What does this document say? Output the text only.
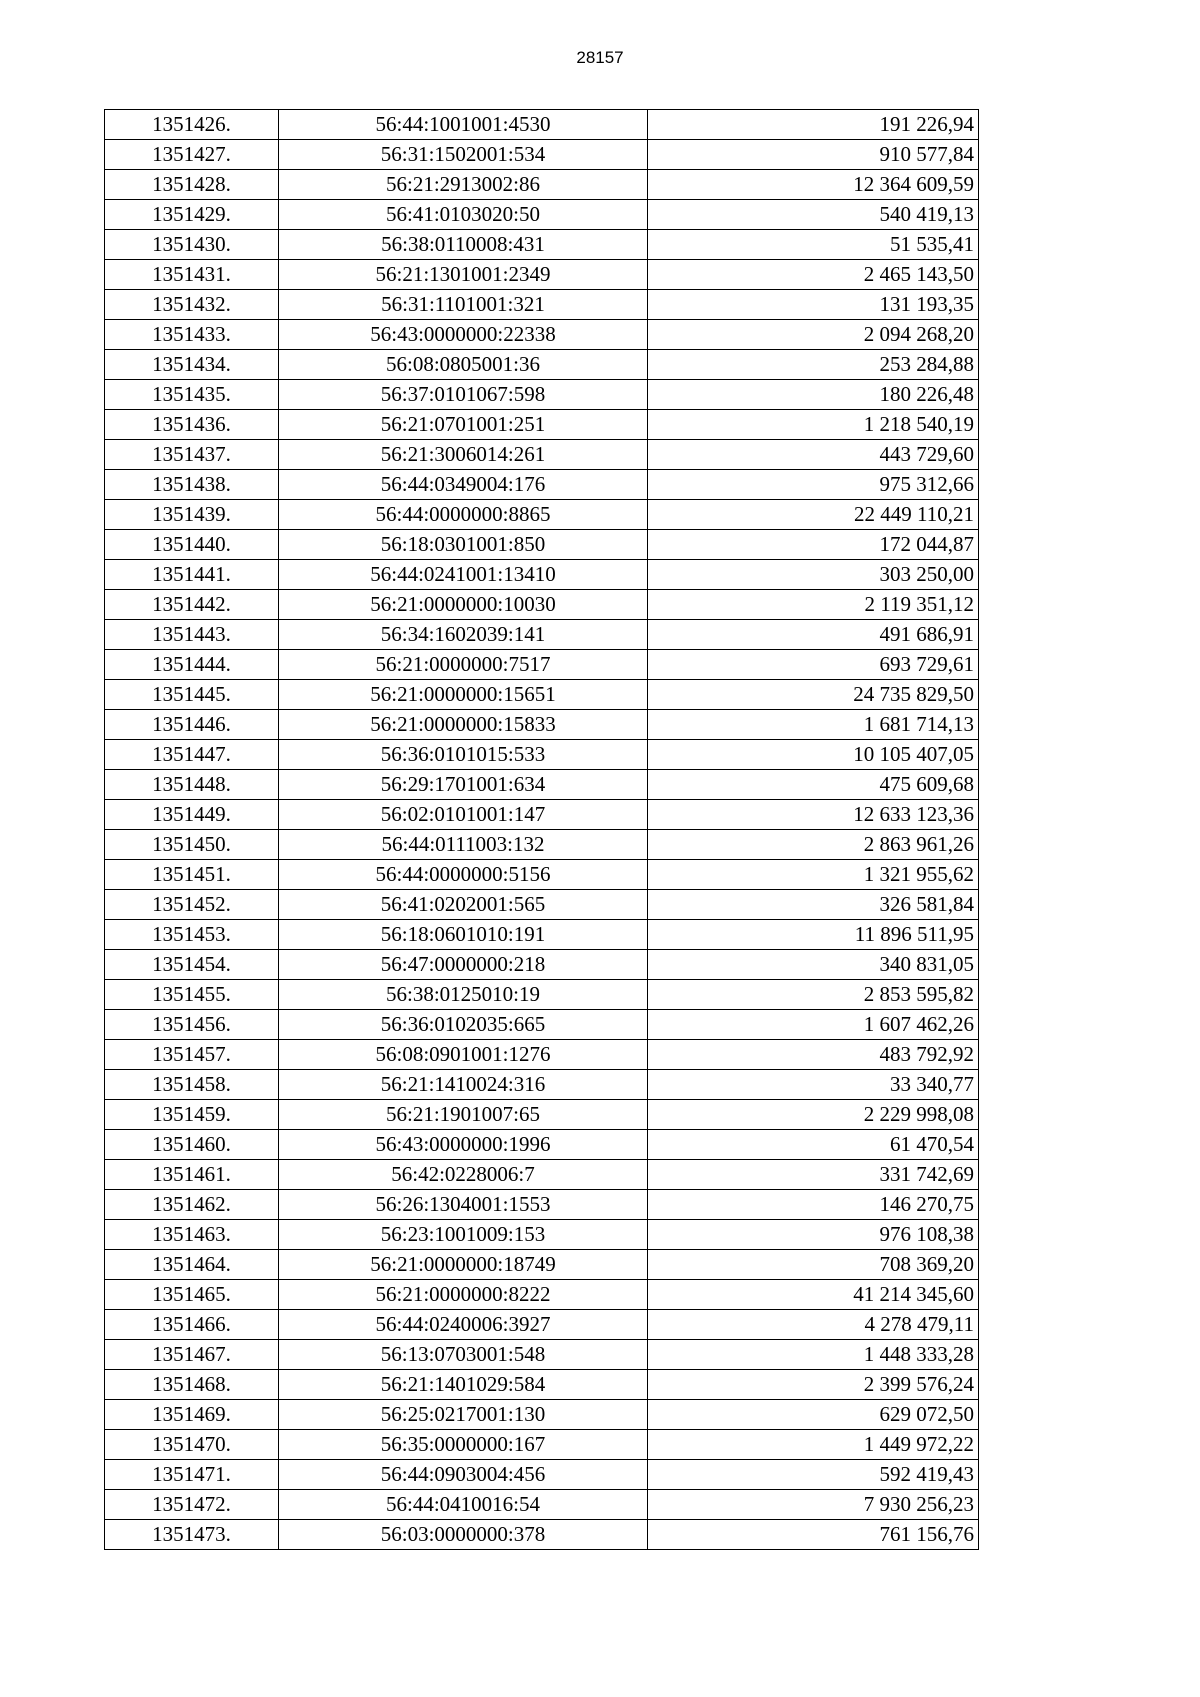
28157
1351426.	56:44:1001001:4530	191 226,94
1351427.	56:31:1502001:534	910 577,84
1351428.	56:21:2913002:86	12 364 609,59
1351429.	56:41:0103020:50	540 419,13
1351430.	56:38:0110008:431	51 535,41
1351431.	56:21:1301001:2349	2 465 143,50
1351432.	56:31:1101001:321	131 193,35
1351433.	56:43:0000000:22338	2 094 268,20
1351434.	56:08:0805001:36	253 284,88
1351435.	56:37:0101067:598	180 226,48
1351436.	56:21:0701001:251	1 218 540,19
1351437.	56:21:3006014:261	443 729,60
1351438.	56:44:0349004:176	975 312,66
1351439.	56:44:0000000:8865	22 449 110,21
1351440.	56:18:0301001:850	172 044,87
1351441.	56:44:0241001:13410	303 250,00
1351442.	56:21:0000000:10030	2 119 351,12
1351443.	56:34:1602039:141	491 686,91
1351444.	56:21:0000000:7517	693 729,61
1351445.	56:21:0000000:15651	24 735 829,50
1351446.	56:21:0000000:15833	1 681 714,13
1351447.	56:36:0101015:533	10 105 407,05
1351448.	56:29:1701001:634	475 609,68
1351449.	56:02:0101001:147	12 633 123,36
1351450.	56:44:0111003:132	2 863 961,26
1351451.	56:44:0000000:5156	1 321 955,62
1351452.	56:41:0202001:565	326 581,84
1351453.	56:18:0601010:191	11 896 511,95
1351454.	56:47:0000000:218	340 831,05
1351455.	56:38:0125010:19	2 853 595,82
1351456.	56:36:0102035:665	1 607 462,26
1351457.	56:08:0901001:1276	483 792,92
1351458.	56:21:1410024:316	33 340,77
1351459.	56:21:1901007:65	2 229 998,08
1351460.	56:43:0000000:1996	61 470,54
1351461.	56:42:0228006:7	331 742,69
1351462.	56:26:1304001:1553	146 270,75
1351463.	56:23:1001009:153	976 108,38
1351464.	56:21:0000000:18749	708 369,20
1351465.	56:21:0000000:8222	41 214 345,60
1351466.	56:44:0240006:3927	4 278 479,11
1351467.	56:13:0703001:548	1 448 333,28
1351468.	56:21:1401029:584	2 399 576,24
1351469.	56:25:0217001:130	629 072,50
1351470.	56:35:0000000:167	1 449 972,22
1351471.	56:44:0903004:456	592 419,43
1351472.	56:44:0410016:54	7 930 256,23
1351473.	56:03:0000000:378	761 156,76
